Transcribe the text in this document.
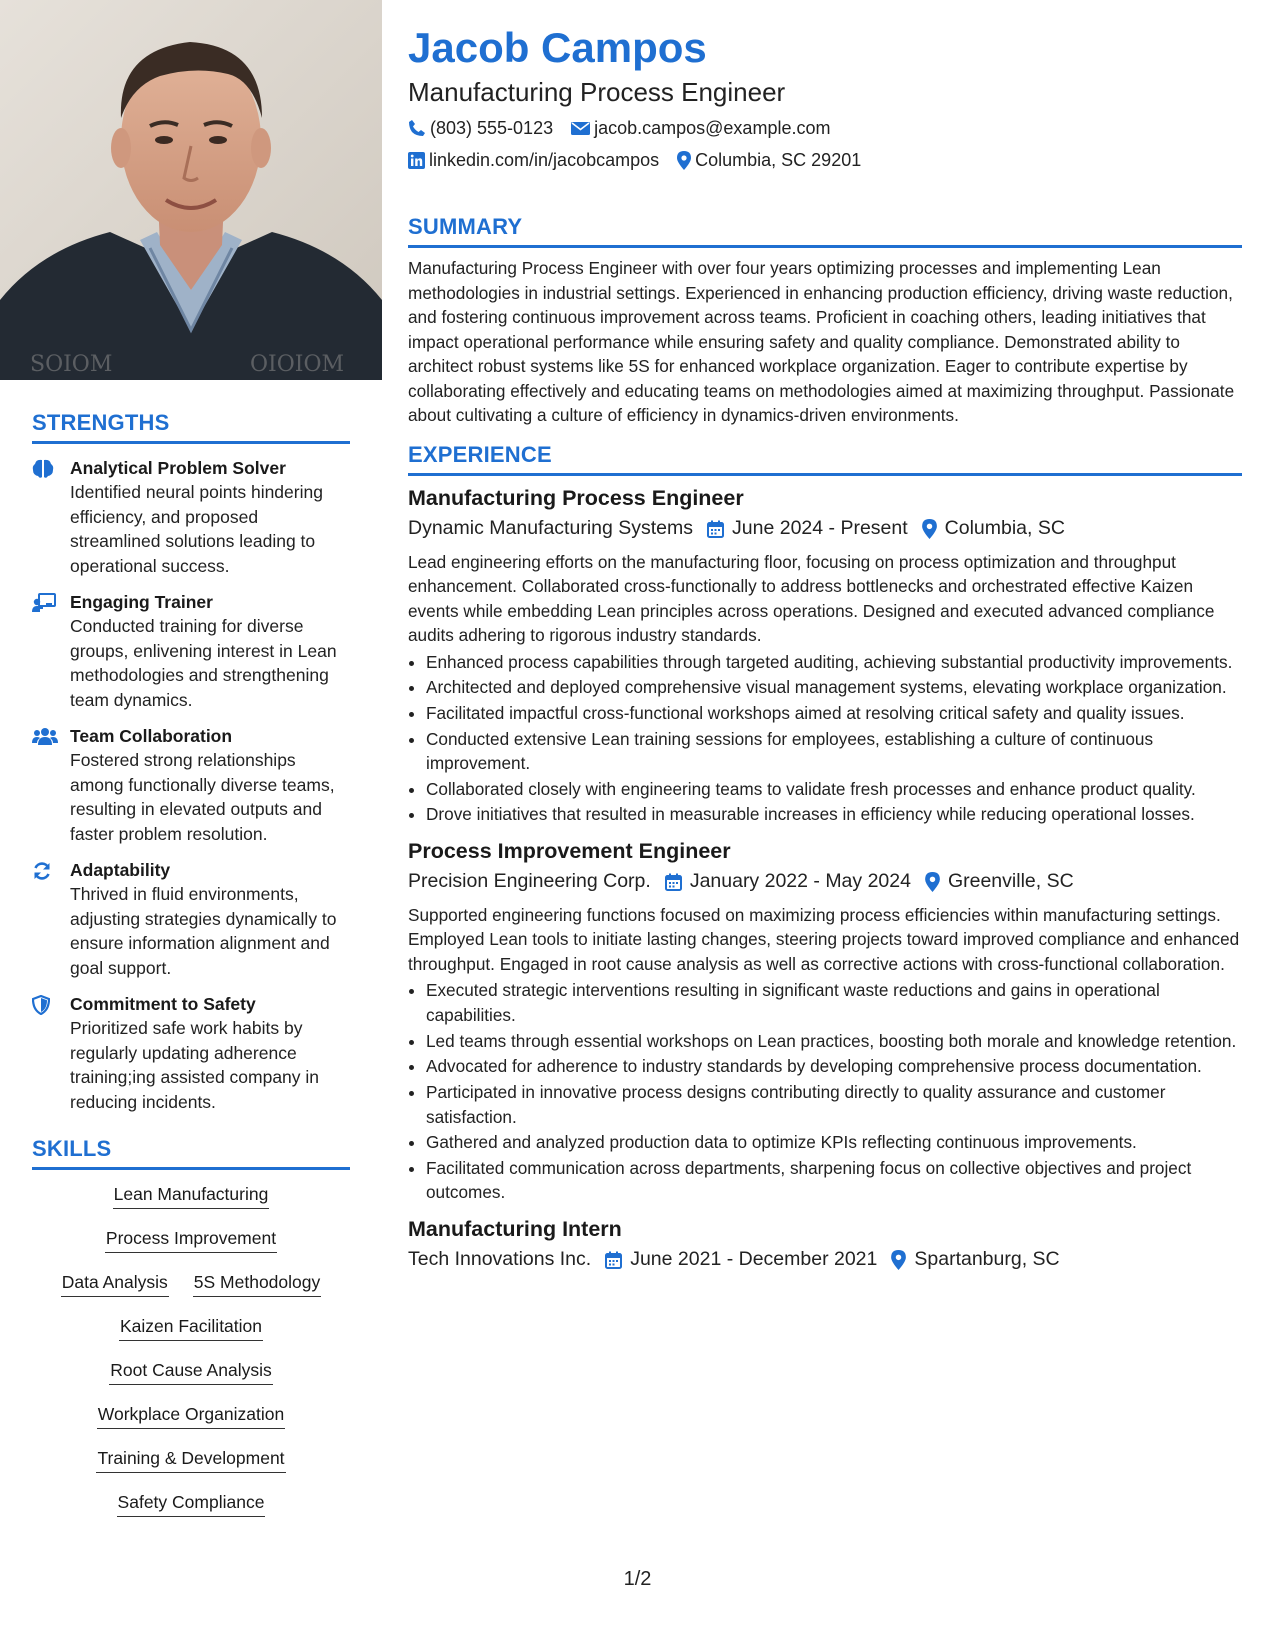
SOIOM	OIOIOM
STRENGTHS
Analytical Problem Solver
Identified neural points hindering efficiency, and proposed streamlined solutions leading to operational success.
Engaging Trainer
Conducted training for diverse groups, enlivening interest in Lean methodologies and strengthening team dynamics.
Team Collaboration
Fostered strong relationships among functionally diverse teams, resulting in elevated outputs and faster problem resolution.
Adaptability
Thrived in fluid environments, adjusting strategies dynamically to ensure information alignment and goal support.
Commitment to Safety
Prioritized safe work habits by regularly updating adherence training;ing assisted company in reducing incidents.
SKILLS
Lean Manufacturing
Process Improvement
Data Analysis 5S Methodology
Kaizen Facilitation
Root Cause Analysis
Workplace Organization
Training & Development
Safety Compliance
Jacob Campos
Manufacturing Process Engineer
(803) 555-0123 jacob.campos@example.com
linkedin.com/in/jacobcampos Columbia, SC 29201
SUMMARY
Manufacturing Process Engineer with over four years optimizing processes and implementing Lean methodologies in industrial settings. Experienced in enhancing production efficiency, driving waste reduction, and fostering continuous improvement across teams. Proficient in coaching others, leading initiatives that impact operational performance while ensuring safety and quality compliance. Demonstrated ability to architect robust systems like 5S for enhanced workplace organization. Eager to contribute expertise by collaborating effectively and educating teams on methodologies aimed at maximizing throughput. Passionate about cultivating a culture of efficiency in dynamics-driven environments.
EXPERIENCE
Manufacturing Process Engineer
Dynamic Manufacturing Systems June 2024 - Present Columbia, SC
Lead engineering efforts on the manufacturing floor, focusing on process optimization and throughput enhancement. Collaborated cross-functionally to address bottlenecks and orchestrated effective Kaizen events while embedding Lean principles across operations. Designed and executed advanced compliance audits adhering to rigorous industry standards.
• Enhanced process capabilities through targeted auditing, achieving substantial productivity improvements.
• Architected and deployed comprehensive visual management systems, elevating workplace organization.
• Facilitated impactful cross-functional workshops aimed at resolving critical safety and quality issues.
• Conducted extensive Lean training sessions for employees, establishing a culture of continuous improvement.
• Collaborated closely with engineering teams to validate fresh processes and enhance product quality.
• Drove initiatives that resulted in measurable increases in efficiency while reducing operational losses.
Process Improvement Engineer
Precision Engineering Corp. January 2022 - May 2024 Greenville, SC
Supported engineering functions focused on maximizing process efficiencies within manufacturing settings. Employed Lean tools to initiate lasting changes, steering projects toward improved compliance and enhanced throughput. Engaged in root cause analysis as well as corrective actions with cross-functional collaboration.
• Executed strategic interventions resulting in significant waste reductions and gains in operational capabilities.
• Led teams through essential workshops on Lean practices, boosting both morale and knowledge retention.
• Advocated for adherence to industry standards by developing comprehensive process documentation.
• Participated in innovative process designs contributing directly to quality assurance and customer satisfaction.
• Gathered and analyzed production data to optimize KPIs reflecting continuous improvements.
• Facilitated communication across departments, sharpening focus on collective objectives and project outcomes.
Manufacturing Intern
Tech Innovations Inc. June 2021 - December 2021 Spartanburg, SC
1/2
